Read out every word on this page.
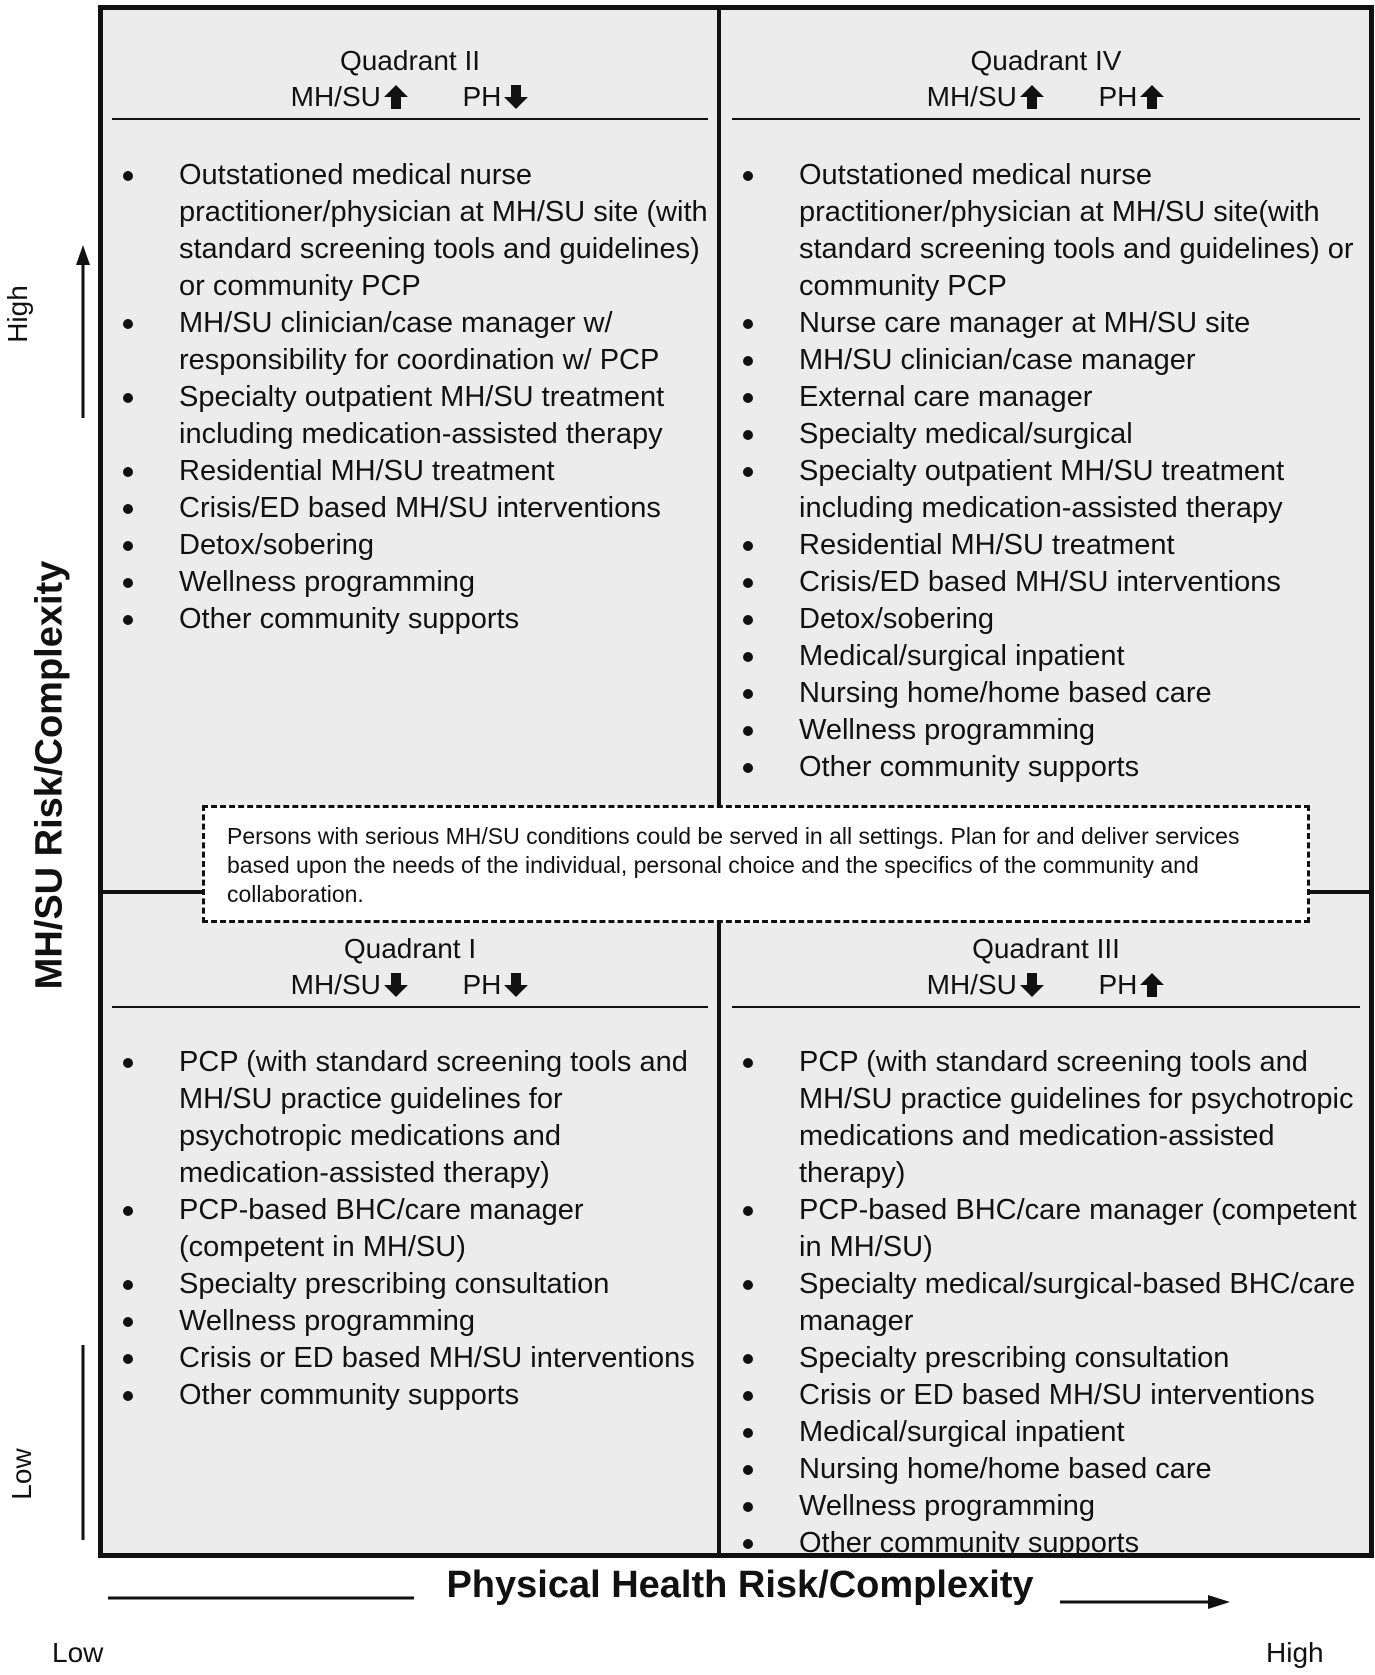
Quadrant II
MH/SU	PH
Outstationed medical nurse practitioner/physician at MH/SU site (with standard screening tools and guidelines) or community PCP
MH/SU clinician/case manager w/ responsibility for coordination w/ PCP
Specialty outpatient MH/SU treatment including medication-assisted therapy
Residential MH/SU treatment
Crisis/ED based MH/SU interventions
Detox/sobering
Wellness programming
Other community supports
Quadrant IV
MH/SU	PH
Outstationed medical nurse practitioner/physician at MH/SU site(with standard screening tools and guidelines) or community PCP
Nurse care manager at MH/SU site
MH/SU clinician/case manager
External care manager
Specialty medical/surgical
Specialty outpatient MH/SU treatment including medication-assisted therapy
Residential MH/SU treatment
Crisis/ED based MH/SU interventions
Detox/sobering
Medical/surgical inpatient
Nursing home/home based care
Wellness programming
Other community supports
Quadrant I
MH/SU	PH
PCP (with standard screening tools and MH/SU practice guidelines for psychotropic medications and medication-assisted therapy)
PCP-based BHC/care manager (competent in MH/SU)
Specialty prescribing consultation
Wellness programming
Crisis or ED based MH/SU interventions
Other community supports
Quadrant III
MH/SU	PH
PCP (with standard screening tools and MH/SU practice guidelines for psychotropic medications and medication-assisted therapy)
PCP-based BHC/care manager (competent in MH/SU)
Specialty medical/surgical-based BHC/care manager
Specialty prescribing consultation
Crisis or ED based MH/SU interventions
Medical/surgical inpatient
Nursing home/home based care
Wellness programming
Other community supports
Persons with serious MH/SU conditions could be served in all settings. Plan for and deliver services based upon the needs of the individual, personal choice and the specifics of the community and collaboration.
MH/SU Risk/Complexity
High
Low
Physical Health Risk/Complexity
Low	High
